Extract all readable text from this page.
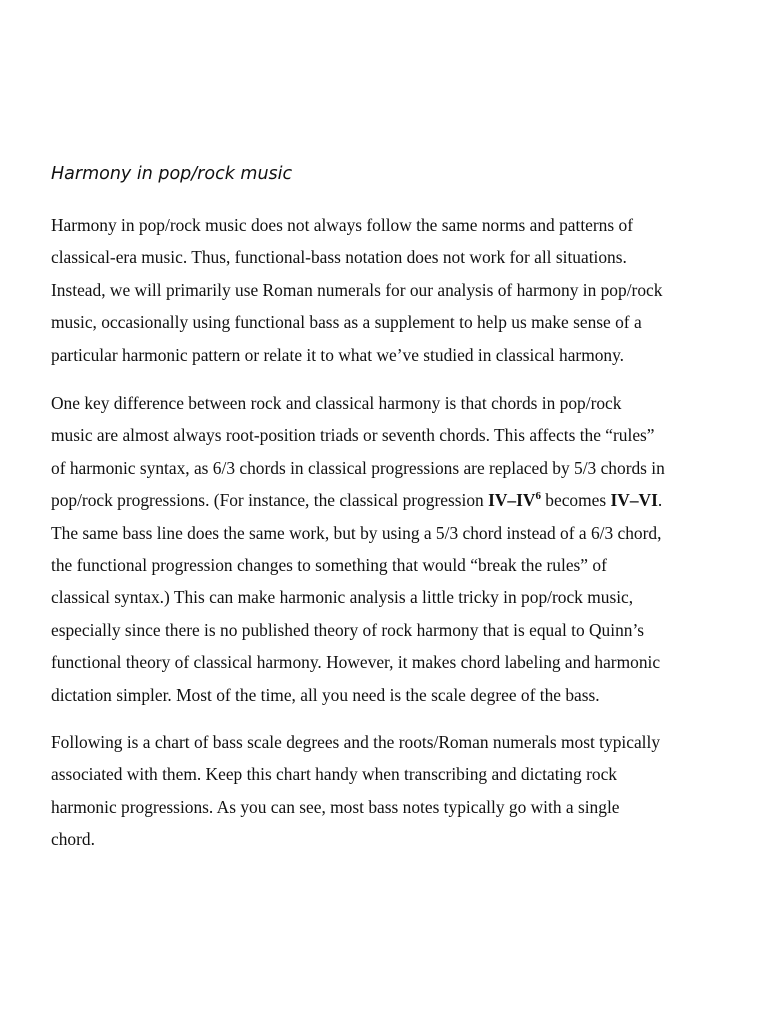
Harmony in pop/rock music

Harmony in pop/rock music does not always follow the same norms and patterns of
classical-era music. Thus, functional-bass notation does not work for all situations.
Instead, we will primarily use Roman numerals for our analysis of harmony in pop/rock
music, occasionally using functional bass as a supplement to help us make sense of a
particular harmonic pattern or relate it to what we’ve studied in classical harmony.

One key difference between rock and classical harmony is that chords in pop/rock
music are almost always root-position triads or seventh chords. This affects the “rules”
of harmonic syntax, as 6/3 chords in classical progressions are replaced by 5/3 chords in
pop/rock progressions. (For instance, the classical progression $IV-IV^6$ becomes IV–VI.
The same bass line does the same work, but by using a 5/3 chord instead of a 6/3 chord,
the functional progression changes to something that would “break the rules” of
classical syntax.) This can make harmonic analysis a little tricky in pop/rock music,
especially since there is no published theory of rock harmony that is equal to Quinn’s
functional theory of classical harmony. However, it makes chord labeling and harmonic
dictation simpler. Most of the time, all you need is the scale degree of the bass.

Following is a chart of bass scale degrees and the roots/Roman numerals most typically
associated with them. Keep this chart handy when transcribing and dictating rock
harmonic progressions. As you can see, most bass notes typically go with a single
chord.
